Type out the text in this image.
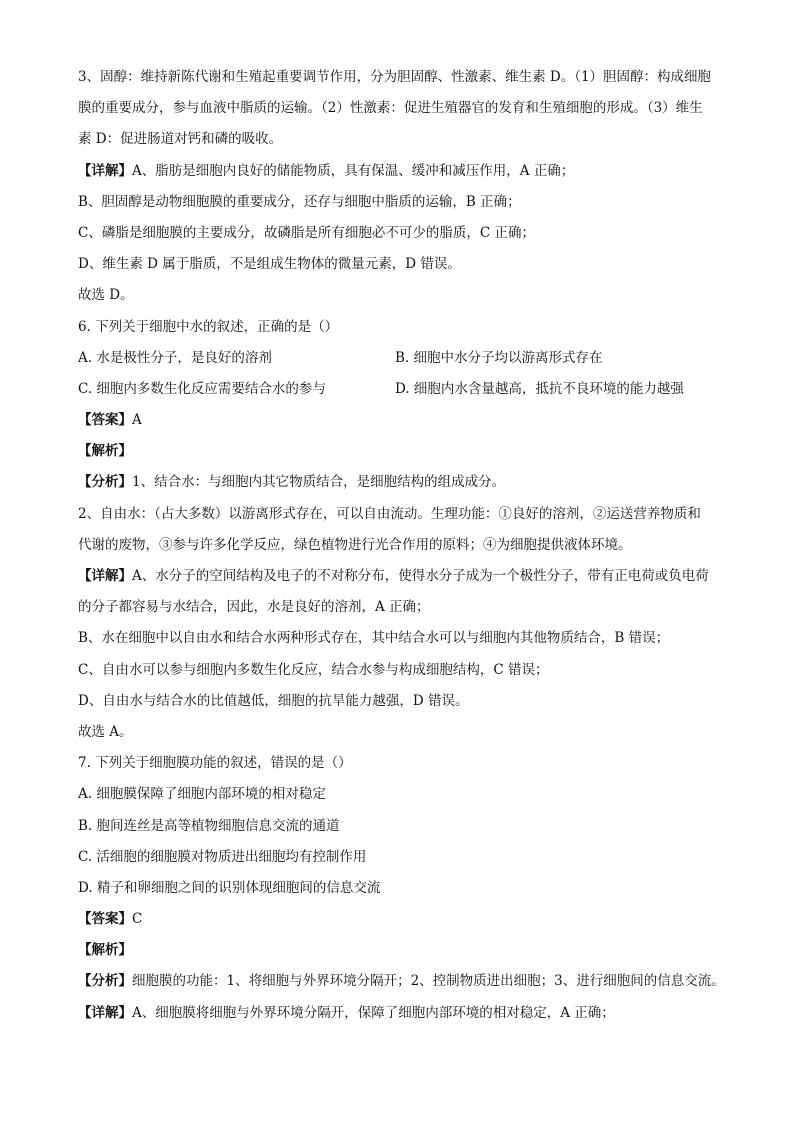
3、固醇：维持新陈代谢和生殖起重要调节作用，分为胆固醇、性激素、维生素 D。（1）胆固醇：构成细胞
膜的重要成分，参与血液中脂质的运输。（2）性激素：促进生殖器官的发育和生殖细胞的形成。（3）维生
素 D：促进肠道对钙和磷的吸收。
【详解】A、脂肪是细胞内良好的储能物质，具有保温、缓冲和减压作用，A 正确；
B、胆固醇是动物细胞膜的重要成分，还存与细胞中脂质的运输，B 正确；
C、磷脂是细胞膜的主要成分，故磷脂是所有细胞必不可少的脂质，C 正确；
D、维生素 D 属于脂质，不是组成生物体的微量元素，D 错误。
故选 D。
6. 下列关于细胞中水的叙述，正确的是（）
A. 水是极性分子，是良好的溶剂	B. 细胞中水分子均以游离形式存在
C. 细胞内多数生化反应需要结合水的参与	D. 细胞内水含量越高，抵抗不良环境的能力越强
【答案】A
【解析】
【分析】1、结合水：与细胞内其它物质结合，是细胞结构的组成成分。
2、自由水：（占大多数）以游离形式存在，可以自由流动。生理功能：①良好的溶剂，②运送营养物质和
代谢的废物，③参与许多化学反应，绿色植物进行光合作用的原料；④为细胞提供液体环境。
【详解】A、水分子的空间结构及电子的不对称分布，使得水分子成为一个极性分子，带有正电荷或负电荷
的分子都容易与水结合，因此，水是良好的溶剂，A 正确；
B、水在细胞中以自由水和结合水两种形式存在，其中结合水可以与细胞内其他物质结合，B 错误；
C、自由水可以参与细胞内多数生化反应，结合水参与构成细胞结构，C 错误；
D、自由水与结合水的比值越低，细胞的抗旱能力越强，D 错误。
故选 A。
7. 下列关于细胞膜功能的叙述，错误的是（）
A. 细胞膜保障了细胞内部环境的相对稳定
B. 胞间连丝是高等植物细胞信息交流的通道
C. 活细胞的细胞膜对物质进出细胞均有控制作用
D. 精子和卵细胞之间的识别体现细胞间的信息交流
【答案】C
【解析】
【分析】细胞膜的功能：1、将细胞与外界环境分隔开；2、控制物质进出细胞；3、进行细胞间的信息交流。
【详解】A、细胞膜将细胞与外界环境分隔开，保障了细胞内部环境的相对稳定，A 正确；
